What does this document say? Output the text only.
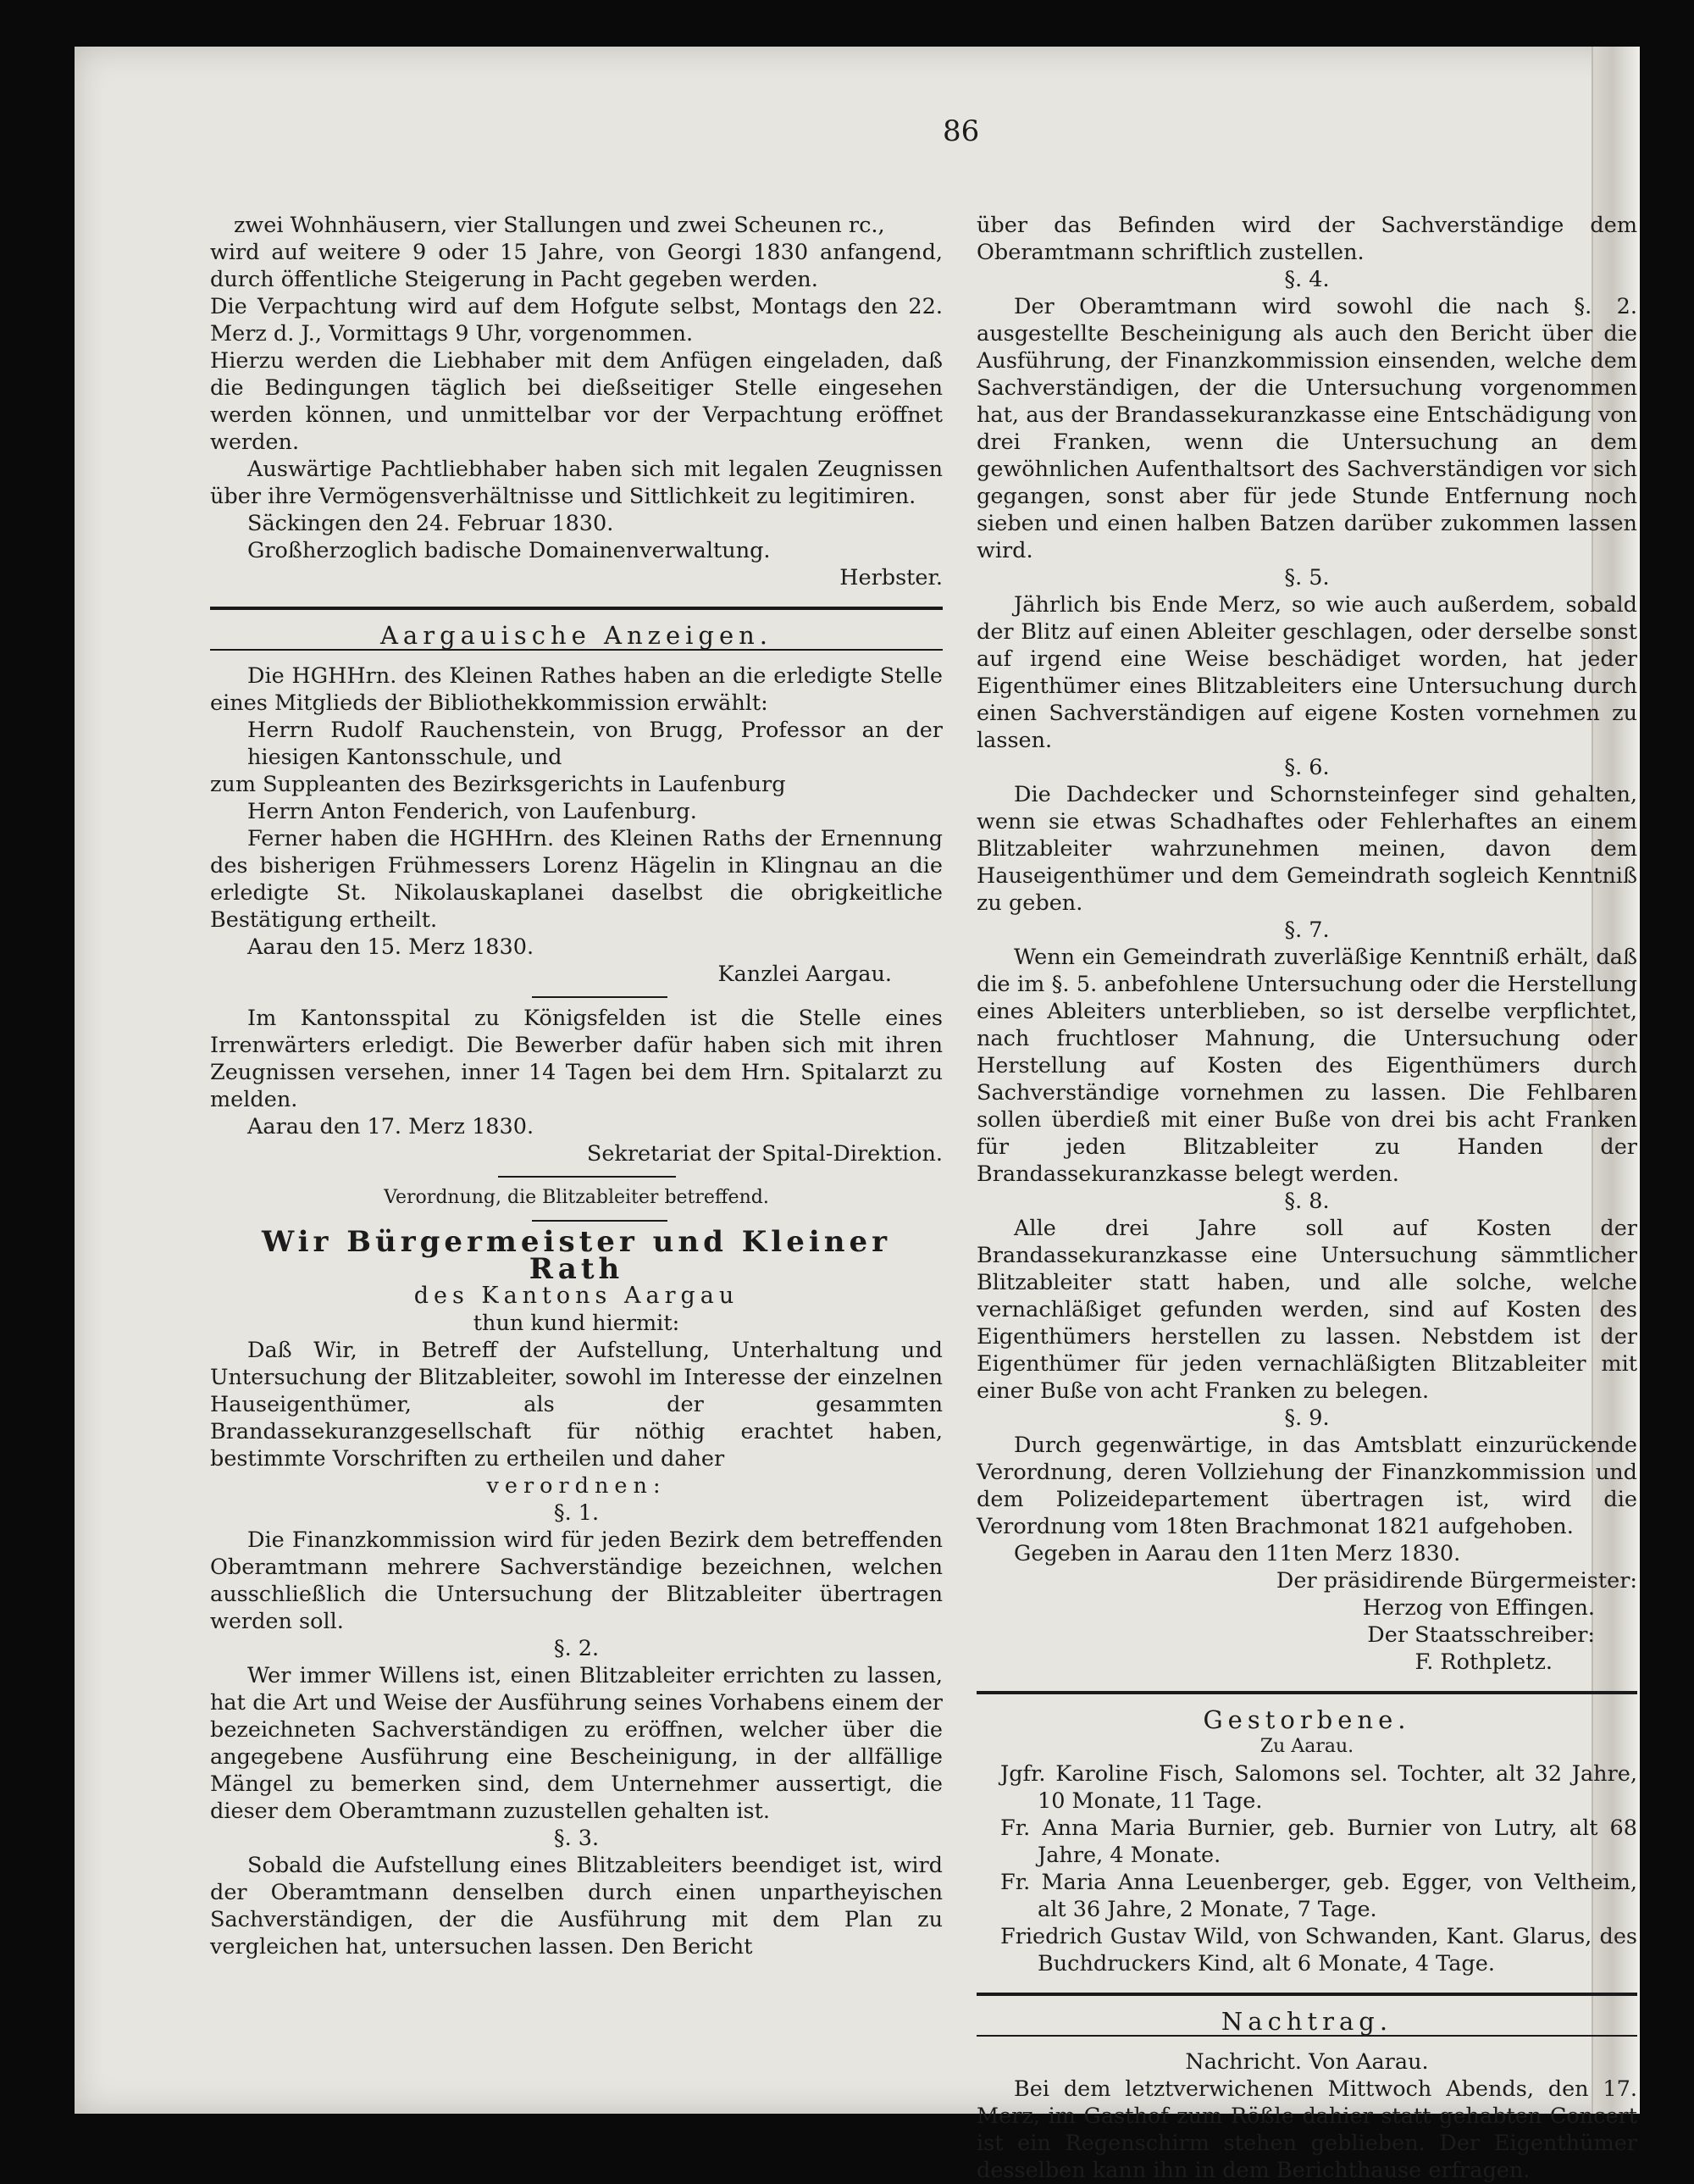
86

zwei Wohnhäusern, vier Stallungen und zwei Scheunen rc.,

wird auf weitere 9 oder 15 Jahre, von Georgi 1830 anfangend, durch öffentliche Steigerung in Pacht gegeben werden.

Die Verpachtung wird auf dem Hofgute selbst, Montags den 22. Merz d. J., Vormittags 9 Uhr, vorgenommen.

Hierzu werden die Liebhaber mit dem Anfügen eingeladen, daß die Bedingungen täglich bei dießseitiger Stelle eingesehen werden können, und unmittelbar vor der Verpachtung eröffnet werden.

Auswärtige Pachtliebhaber haben sich mit legalen Zeugnissen über ihre Vermögensverhältnisse und Sittlichkeit zu legitimiren.

Säckingen den 24. Februar 1830.

Großherzoglich badische Domainenverwaltung.

Herbster.

Aargauische Anzeigen.

Die HGHHrn. des Kleinen Rathes haben an die erledigte Stelle eines Mitglieds der Bibliothekkommission erwählt:

Herrn Rudolf Rauchenstein, von Brugg, Professor an der hiesigen Kantonsschule, und

zum Suppleanten des Bezirksgerichts in Laufenburg

Herrn Anton Fenderich, von Laufenburg.

Ferner haben die HGHHrn. des Kleinen Raths der Ernennung des bisherigen Frühmessers Lorenz Hägelin in Klingnau an die erledigte St. Nikolauskaplanei daselbst die obrigkeitliche Bestätigung ertheilt.

Aarau den 15. Merz 1830.

Kanzlei Aargau.

Im Kantonsspital zu Königsfelden ist die Stelle eines Irrenwärters erledigt. Die Bewerber dafür haben sich mit ihren Zeugnissen versehen, inner 14 Tagen bei dem Hrn. Spitalarzt zu melden.

Aarau den 17. Merz 1830.

Sekretariat der Spital-Direktion.

Verordnung, die Blitzableiter betreffend.

Wir Bürgermeister und Kleiner Rath

des Kantons Aargau

thun kund hiermit:

Daß Wir, in Betreff der Aufstellung, Unterhaltung und Untersuchung der Blitzableiter, sowohl im Interesse der einzelnen Hauseigenthümer, als der gesammten Brandassekuranzgesellschaft für nöthig erachtet haben, bestimmte Vorschriften zu ertheilen und daher

verordnen:

§. 1.

Die Finanzkommission wird für jeden Bezirk dem betreffenden Oberamtmann mehrere Sachverständige bezeichnen, welchen ausschließlich die Untersuchung der Blitzableiter übertragen werden soll.

§. 2.

Wer immer Willens ist, einen Blitzableiter errichten zu lassen, hat die Art und Weise der Ausführung seines Vorhabens einem der bezeichneten Sachverständigen zu eröffnen, welcher über die angegebene Ausführung eine Bescheinigung, in der allfällige Mängel zu bemerken sind, dem Unternehmer aussertigt, die dieser dem Oberamtmann zuzustellen gehalten ist.

§. 3.

Sobald die Aufstellung eines Blitzableiters beendiget ist, wird der Oberamtmann denselben durch einen unpartheyischen Sachverständigen, der die Ausführung mit dem Plan zu vergleichen hat, untersuchen lassen. Den Bericht

über das Befinden wird der Sachverständige dem Oberamtmann schriftlich zustellen.

§. 4.

Der Oberamtmann wird sowohl die nach §. 2. ausgestellte Bescheinigung als auch den Bericht über die Ausführung, der Finanzkommission einsenden, welche dem Sachverständigen, der die Untersuchung vorgenommen hat, aus der Brandassekuranzkasse eine Entschädigung von drei Franken, wenn die Untersuchung an dem gewöhnlichen Aufenthaltsort des Sachverständigen vor sich gegangen, sonst aber für jede Stunde Entfernung noch sieben und einen halben Batzen darüber zukommen lassen wird.

§. 5.

Jährlich bis Ende Merz, so wie auch außerdem, sobald der Blitz auf einen Ableiter geschlagen, oder derselbe sonst auf irgend eine Weise beschädiget worden, hat jeder Eigenthümer eines Blitzableiters eine Untersuchung durch einen Sachverständigen auf eigene Kosten vornehmen zu lassen.

§. 6.

Die Dachdecker und Schornsteinfeger sind gehalten, wenn sie etwas Schadhaftes oder Fehlerhaftes an einem Blitzableiter wahrzunehmen meinen, davon dem Hauseigenthümer und dem Gemeindrath sogleich Kenntniß zu geben.

§. 7.

Wenn ein Gemeindrath zuverläßige Kenntniß erhält, daß die im §. 5. anbefohlene Untersuchung oder die Herstellung eines Ableiters unterblieben, so ist derselbe verpflichtet, nach fruchtloser Mahnung, die Untersuchung oder Herstellung auf Kosten des Eigenthümers durch Sachverständige vornehmen zu lassen. Die Fehlbaren sollen überdieß mit einer Buße von drei bis acht Franken für jeden Blitzableiter zu Handen der Brandassekuranzkasse belegt werden.

§. 8.

Alle drei Jahre soll auf Kosten der Brandassekuranzkasse eine Untersuchung sämmtlicher Blitzableiter statt haben, und alle solche, welche vernachläßiget gefunden werden, sind auf Kosten des Eigenthümers herstellen zu lassen. Nebstdem ist der Eigenthümer für jeden vernachläßigten Blitzableiter mit einer Buße von acht Franken zu belegen.

§. 9.

Durch gegenwärtige, in das Amtsblatt einzurückende Verordnung, deren Vollziehung der Finanzkommission und dem Polizeidepartement übertragen ist, wird die Verordnung vom 18ten Brachmonat 1821 aufgehoben.

Gegeben in Aarau den 11ten Merz 1830.

Der präsidirende Bürgermeister:

Herzog von Effingen.

Der Staatsschreiber:

F. Rothpletz.

Gestorbene.

Zu Aarau.

Jgfr. Karoline Fisch, Salomons sel. Tochter, alt 32 Jahre, 10 Monate, 11 Tage.

Fr. Anna Maria Burnier, geb. Burnier von Lutry, alt 68 Jahre, 4 Monate.

Fr. Maria Anna Leuenberger, geb. Egger, von Veltheim, alt 36 Jahre, 2 Monate, 7 Tage.

Friedrich Gustav Wild, von Schwanden, Kant. Glarus, des Buchdruckers Kind, alt 6 Monate, 4 Tage.

Nachtrag.

Nachricht. Von Aarau.

Bei dem letztverwichenen Mittwoch Abends, den 17. Merz, im Gasthof zum Rößle dahier statt gehabten Concert ist ein Regenschirm stehen geblieben. Der Eigenthümer desselben kann ihn in dem Berichthause erfragen.
